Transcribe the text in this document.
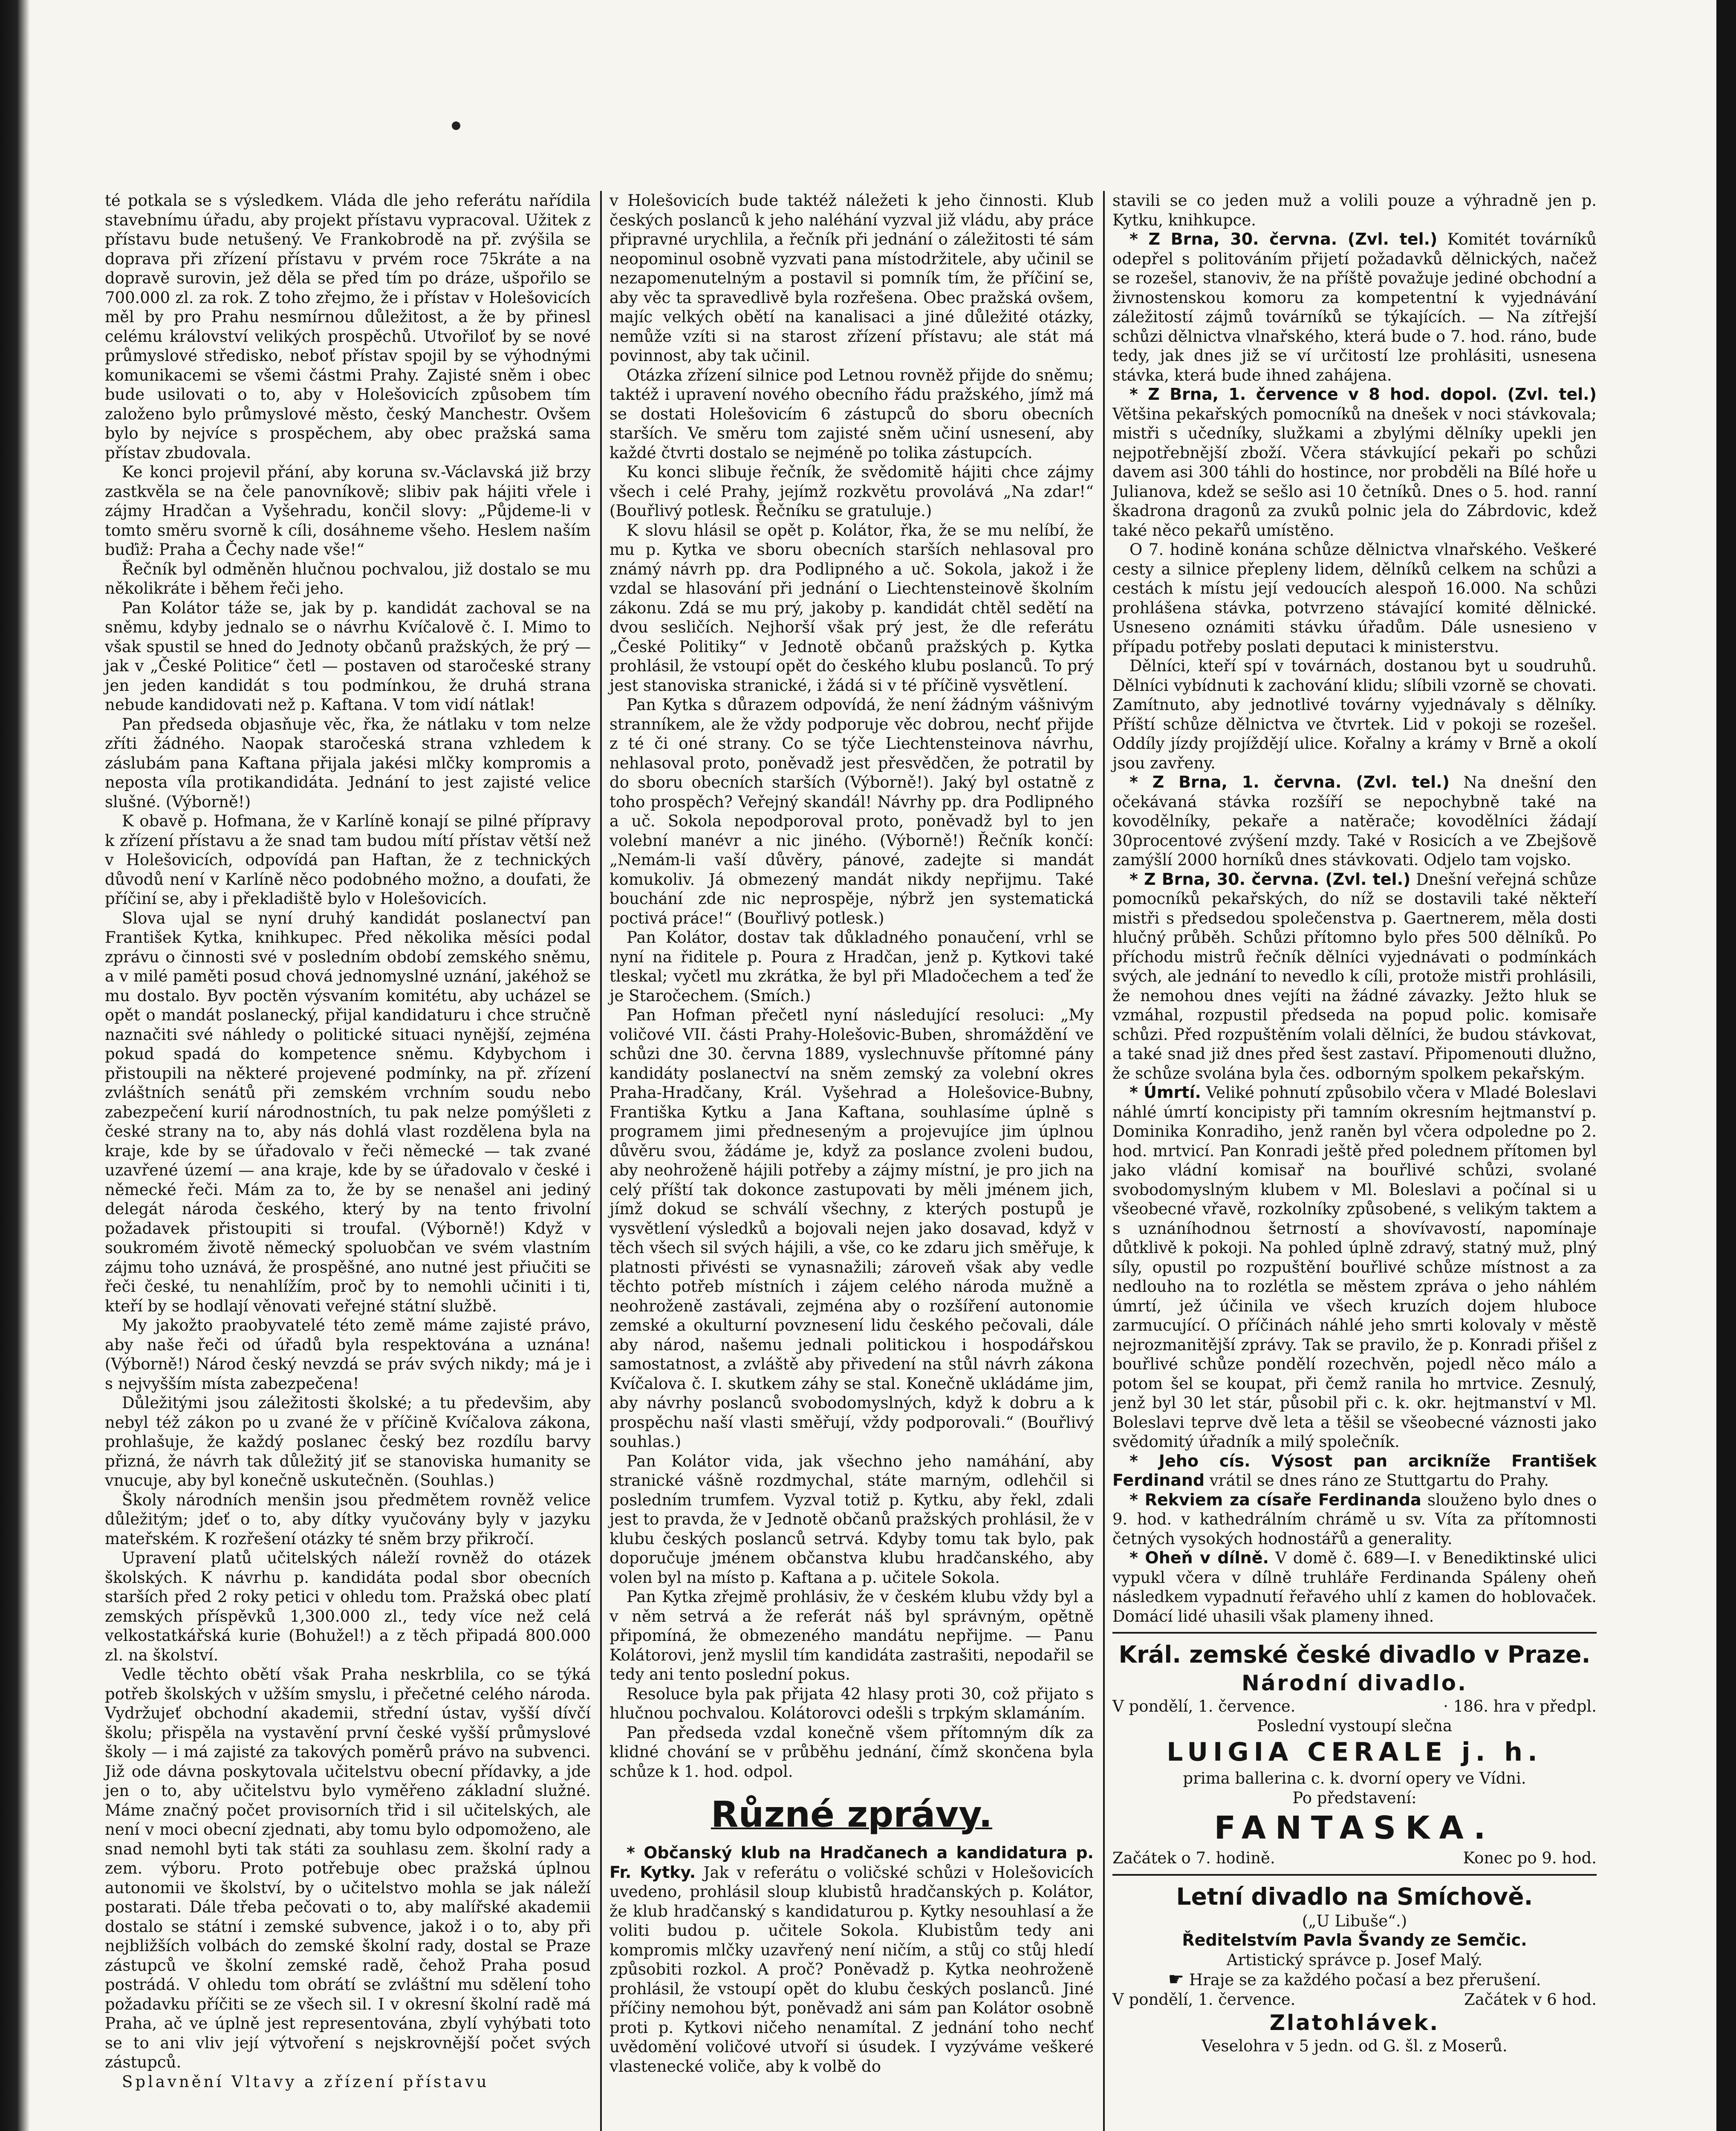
té potkala se s výsledkem. Vláda dle jeho referátu nařídila stavebnímu úřadu, aby projekt přístavu vypracoval. Užitek z přístavu bude netušený. Ve Frankobrodě na př. zvýšila se doprava při zřízení přístavu v prvém roce 75kráte a na dopravě surovin, jež děla se před tím po dráze, ušpořilo se 700.000 zl. za rok. Z toho zřejmo, že i přístav v Holešovicích měl by pro Prahu nesmírnou důležitost, a že by přinesl celému království velikých prospěchů. Utvořiloť by se nové průmyslové středisko, neboť přístav spojil by se výhodnými komunikacemi se všemi částmi Prahy. Zajisté sněm i obec bude usilovati o to, aby v Holešovicích způsobem tím založeno bylo průmyslové město, český Manchestr. Ovšem bylo by nejvíce s prospěchem, aby obec pražská sama přístav zbudovala.

Ke konci projevil přání, aby koruna sv.-Václavská již brzy zastkvěla se na čele panovníkově; slibiv pak hájiti vřele i zájmy Hradčan a Vyšehradu, končil slovy: „Půjdeme-li v tomto směru svorně k cíli, dosáhneme všeho. Heslem naším buďiž: Praha a Čechy nade vše!“

Řečník byl odměněn hlučnou pochvalou, již dostalo se mu několikráte i během řeči jeho.

Pan Kolátor táže se, jak by p. kandidát zachoval se na sněmu, kdyby jednalo se o návrhu Kvíčalově č. I. Mimo to však spustil se hned do Jednoty občanů pražských, že prý — jak v „České Politice“ četl — postaven od staročeské strany jen jeden kandidát s tou podmínkou, že druhá strana nebude kandidovati než p. Kaftana. V tom vidí nátlak!

Pan předseda objasňuje věc, řka, že nátlaku v tom nelze zříti žádného. Naopak staročeská strana vzhledem k záslubám pana Kaftana přijala jakési mlčky kompromis a neposta víla protikandidáta. Jednání to jest zajisté velice slušné. (Výborně!)

K obavě p. Hofmana, že v Karlíně konají se pilné přípravy k zřízení přístavu a že snad tam budou mítí přístav větší než v Holešovicích, odpovídá pan Haftan, že z technických důvodů není v Karlíně něco podobného možno, a doufati, že příčiní se, aby i překladiště bylo v Holešovicích.

Slova ujal se nyní druhý kandidát poslanectví pan František Kytka, knihkupec. Před několika měsíci podal zprávu o činnosti své v posledním období zemského sněmu, a v milé paměti posud chová jednomyslné uznání, jakéhož se mu dostalo. Byv poctěn výsvaním komitétu, aby ucházel se opět o mandát poslanecký, přijal kandidaturu i chce stručně naznačiti své náhledy o politické situaci nynější, zejména pokud spadá do kompetence sněmu. Kdybychom i přistoupili na některé projevené podmínky, na př. zřízení zvláštních senátů při zemském vrchním soudu nebo zabezpečení kurií národnostních, tu pak nelze pomýšleti z české strany na to, aby nás dohlá vlast rozdělena byla na kraje, kde by se úřadovalo v řeči německé — tak zvané uzavřené území — ana kraje, kde by se úřadovalo v české i německé řeči. Mám za to, že by se nenašel ani jediný delegát národa českého, který by na tento frivolní požadavek přistoupiti si troufal. (Výborně!) Když v soukromém životě německý spoluobčan ve svém vlastním zájmu toho uznává, že prospěšné, ano nutné jest přiučiti se řeči české, tu nenahlížím, proč by to nemohli učiniti i ti, kteří by se hodlají věnovati veřejné státní službě.

My jakožto praobyvatelé této země máme zajisté právo, aby naše řeči od úřadů byla respektována a uznána! (Výborně!) Národ český nevzdá se práv svých nikdy; má je i s nejvyšším místa zabezpečena!

Důležitými jsou záležitosti školské; a tu předevšim, aby nebyl též zákon po u zvané že v příčině Kvíčalova zákona, prohlašuje, že každý poslanec český bez rozdílu barvy přizná, že návrh tak důležitý jiť se stanoviska humanity se vnucuje, aby byl konečně uskutečněn. (Souhlas.)

Školy národních menšin jsou předmětem rovněž velice důležitým; jdeť o to, aby dítky vyučovány byly v jazyku mateřském. K rozřešení otázky té sněm brzy přikročí.

Upravení platů učitelských náleží rovněž do otázek školských. K návrhu p. kandidáta podal sbor obecních starších před 2 roky petici v ohledu tom. Pražská obec platí zemských příspěvků 1,300.000 zl., tedy více než celá velkostatkářská kurie (Bohužel!) a z těch připadá 800.000 zl. na školství.

Vedle těchto obětí však Praha neskrblila, co se týká potřeb školských v užším smyslu, i přečetné celého národa. Vydržujeť obchodní akademii, střední ústav, vyšší dívčí školu; přispěla na vystavění první české vyšší průmyslové školy — i má zajisté za takových poměrů právo na subvenci. Již ode dávna poskytovala učitelstvu obecní přídavky, a jde jen o to, aby učitelstvu bylo vyměřeno základní služné. Máme značný počet provisorních třid i sil učitelských, ale není v moci obecní zjednati, aby tomu bylo odpomoženo, ale snad nemohl byti tak státi za souhlasu zem. školní rady a zem. výboru. Proto potřebuje obec pražská úplnou autonomii ve školství, by o učitelstvo mohla se jak náleží postarati. Dále třeba pečovati o to, aby malířské akademii dostalo se státní i zemské subvence, jakož i o to, aby při nejbližších volbách do zemské školní rady, dostal se Praze zástupců ve školní zemské radě, čehož Praha posud postrádá. V ohledu tom obrátí se zvláštní mu sdělení toho požadavku příčiti se ze všech sil. I v okresní školní radě má Praha, ač ve úplně jest representována, zbylí vyhýbati toto se to ani vliv její výtvoření s nejskrovnější počet svých zástupců.

Splavnění Vltavy a zřízení přístavu

v Holešovicích bude taktéž náležeti k jeho činnosti. Klub českých poslanců k jeho naléhání vyzval již vládu, aby práce připravné urychlila, a řečník při jednání o záležitosti té sám neopominul osobně vyzvati pana místodržitele, aby učinil se nezapomenutelným a postavil si pomník tím, že příčiní se, aby věc ta spravedlivě byla rozřešena. Obec pražská ovšem, majíc velkých obětí na kanalisaci a jiné důležité otázky, nemůže vzíti si na starost zřízení přístavu; ale stát má povinnost, aby tak učinil.

Otázka zřízení silnice pod Letnou rovněž přijde do sněmu; taktéž i upravení nového obecního řádu pražského, jímž má se dostati Holešovicím 6 zástupců do sboru obecních starších. Ve směru tom zajisté sněm učiní usnesení, aby každé čtvrti dostalo se nejméně po tolika zástupcích.

Ku konci slibuje řečník, že svědomitě hájiti chce zájmy všech i celé Prahy, jejímž rozkvětu provolává „Na zdar!“ (Bouřlivý potlesk. Řečníku se gratuluje.)

K slovu hlásil se opět p. Kolátor, řka, že se mu nelíbí, že mu p. Kytka ve sboru obecních starších nehlasoval pro známý návrh pp. dra Podlipného a uč. Sokola, jakož i že vzdal se hlasování při jednání o Liechtensteinově školním zákonu. Zdá se mu prý, jakoby p. kandidát chtěl sedětí na dvou sesličích. Nejhorší však prý jest, že dle referátu „České Politiky“ v Jednotě občanů pražských p. Kytka prohlásil, že vstoupí opět do českého klubu poslanců. To prý jest stanoviska stranické, i žádá si v té příčině vysvětlení.

Pan Kytka s důrazem odpovídá, že není žádným vášnivým stranníkem, ale že vždy podporuje věc dobrou, nechť přijde z té či oné strany. Co se týče Liechtensteinova návrhu, nehlasoval proto, poněvadž jest přesvědčen, že potratil by do sboru obecních starších (Výborně!). Jaký byl ostatně z toho prospěch? Veřejný skandál! Návrhy pp. dra Podlipného a uč. Sokola nepodporoval proto, poněvadž byl to jen volební manévr a nic jiného. (Výborně!) Řečník končí: „Nemám-li vaší důvěry, pánové, zadejte si mandát komukoliv. Já obmezený mandát nikdy nepřijmu. Také bouchání zde nic neprospěje, nýbrž jen systematická poctivá práce!“ (Bouřlivý potlesk.)

Pan Kolátor, dostav tak důkladného ponaučení, vrhl se nyní na řiditele p. Poura z Hradčan, jenž p. Kytkovi také tleskal; vyčetl mu zkrátka, že byl při Mladočechem a teď že je Staročechem. (Smích.)

Pan Hofman přečetl nyní následující resoluci: „My voličové VII. části Prahy-Holešovic-Buben, shromáždění ve schůzi dne 30. června 1889, vyslechnuvše přítomné pány kandidáty poslanectví na sněm zemský za volební okres Praha-Hradčany, Král. Vyšehrad a Holešovice-Bubny, Františka Kytku a Jana Kaftana, souhlasíme úplně s programem jimi předneseným a projevujíce jim úplnou důvěru svou, žádáme je, když za poslance zvoleni budou, aby neohroženě hájili potřeby a zájmy místní, je pro jich na celý příští tak dokonce zastupovati by měli jménem jich, jímž dokud se schválí všechny, z kterých postupů je vysvětlení výsledků a bojovali nejen jako dosavad, když v těch všech sil svých hájili, a vše, co ke zdaru jich směřuje, k platnosti přivésti se vynasnažili; zároveň však aby vedle těchto potřeb místních i zájem celého národa mužně a neohroženě zastávali, zejména aby o rozšíření autonomie zemské a okulturní povznesení lidu českého pečovali, dále aby národ, našemu jednali politickou i hospodářskou samostatnost, a zvláště aby přivedení na stůl návrh zákona Kvíčalova č. I. skutkem záhy se stal. Konečně ukládáme jim, aby návrhy poslanců svobodomyslných, když k dobru a k prospěchu naší vlasti směřují, vždy podporovali.“ (Bouřlivý souhlas.)

Pan Kolátor vida, jak všechno jeho namáhání, aby stranické vášně rozdmychal, státe marným, odlehčil si posledním trumfem. Vyzval totiž p. Kytku, aby řekl, zdali jest to pravda, že v Jednotě občanů pražských prohlásil, že v klubu českých poslanců setrvá. Kdyby tomu tak bylo, pak doporučuje jménem občanstva klubu hradčanského, aby volen byl na místo p. Kaftana a p. učitele Sokola.

Pan Kytka zřejmě prohlásiv, že v českém klubu vždy byl a v něm setrvá a že referát náš byl správným, opětně připomíná, že obmezeného mandátu nepřijme. — Panu Kolátorovi, jenž myslil tím kandidáta zastrašiti, nepodařil se tedy ani tento poslední pokus.

Resoluce byla pak přijata 42 hlasy proti 30, což přijato s hlučnou pochvalou. Kolátorovci odešli s trpkým sklamáním.

Pan předseda vzdal konečně všem přítomným dík za klidné chování se v průběhu jednání, čímž skončena byla schůze k 1. hod. odpol.

Různé zprávy.

* Občanský klub na Hradčanech a kandidatura p. Fr. Kytky. Jak v referátu o voličské schůzi v Holešovicích uvedeno, prohlásil sloup klubistů hradčanských p. Kolátor, že klub hradčanský s kandidaturou p. Kytky nesouhlasí a že voliti budou p. učitele Sokola. Klubistům tedy ani kompromis mlčky uzavřený není ničím, a stůj co stůj hledí způsobiti rozkol. A proč? Poněvadž p. Kytka neohroženě prohlásil, že vstoupí opět do klubu českých poslanců. Jiné příčiny nemohou být, poněvadž ani sám pan Kolátor osobně proti p. Kytkovi ničeho nenamítal. Z jednání toho nechť uvědomění voličové utvoří si úsudek. I vyzýváme veškeré vlastenecké voliče, aby k volbě do

stavili se co jeden muž a volili pouze a výhradně jen p. Kytku, knihkupce.

* Z Brna, 30. června. (Zvl. tel.) Komitét továrníků odepřel s politováním přijetí požadavků dělnických, načež se rozešel, stanoviv, že na příště považuje jediné obchodní a živnostenskou komoru za kompetentní k vyjednávání záležitostí zájmů továrníků se týkajících. — Na zítřejší schůzi dělnictva vlnařského, která bude o 7. hod. ráno, bude tedy, jak dnes již se ví určitostí lze prohlásiti, usnesena stávka, která bude ihned zahájena.

* Z Brna, 1. července v 8 hod. dopol. (Zvl. tel.) Většina pekařských pomocníků na dnešek v noci stávkovala; mistři s učedníky, služkami a zbylými dělníky upekli jen nejpotřebnější zboží. Včera stávkující pekaři po schůzi davem asi 300 táhli do hostince, nor probděli na Bílé hoře u Julianova, kdež se sešlo asi 10 četníků. Dnes o 5. hod. ranní škadrona dragonů za zvuků polnic jela do Zábrdovic, kdež také něco pekařů umístěno.

O 7. hodině konána schůze dělnictva vlnařského. Veškeré cesty a silnice přepleny lidem, dělníků celkem na schůzi a cestách k místu její vedoucích alespoň 16.000. Na schůzi prohlášena stávka, potvrzeno stávající komité dělnické. Usneseno oznámiti stávku úřadům. Dále usnesieno v případu potřeby poslati deputaci k ministerstvu.

Dělníci, kteří spí v továrnách, dostanou byt u soudruhů. Dělníci vybídnuti k zachování klidu; slíbili vzorně se chovati. Zamítnuto, aby jednotlivé továrny vyjednávaly s dělníky. Příští schůze dělnictva ve čtvrtek. Lid v pokoji se rozešel. Oddíly jízdy projíždějí ulice. Kořalny a krámy v Brně a okolí jsou zavřeny.

* Z Brna, 1. června. (Zvl. tel.) Na dnešní den očekávaná stávka rozšíří se nepochybně také na kovodělníky, pekaře a natěrače; kovodělníci žádají 30procentové zvýšení mzdy. Také v Rosicích a ve Zbejšově zamýšlí 2000 horníků dnes stávkovati. Odjelo tam vojsko.

* Z Brna, 30. června. (Zvl. tel.) Dnešní veřejná schůze pomocníků pekařských, do níž se dostavili také někteří mistři s předsedou společenstva p. Gaertnerem, měla dosti hlučný průběh. Schůzi přítomno bylo přes 500 dělníků. Po příchodu mistrů řečník dělníci vyjednávati o podmínkách svých, ale jednání to nevedlo k cíli, protože mistři prohlásili, že nemohou dnes vejíti na žádné závazky. Ježto hluk se vzmáhal, rozpustil předseda na popud polic. komisaře schůzi. Před rozpuštěním volali dělníci, že budou stávkovat, a také snad již dnes před šest zastaví. Připomenouti dlužno, že schůze svolána byla čes. odborným spolkem pekařským.

* Úmrtí. Veliké pohnutí způsobilo včera v Mladé Boleslavi náhlé úmrtí koncipisty při tamním okresním hejtmanství p. Dominika Konradiho, jenž raněn byl včera odpoledne po 2. hod. mrtvicí. Pan Konradi ještě před polednem přítomen byl jako vládní komisař na bouřlivé schůzi, svolané svobodomyslným klubem v Ml. Boleslavi a počínal si u všeobecné vřavě, rozkolníky způsobené, s velikým taktem a s uznáníhodnou šetrností a shovívavostí, napomínaje důtklivě k pokoji. Na pohled úplně zdravý, statný muž, plný síly, opustil po rozpuštění bouřlivé schůze místnost a za nedlouho na to rozlétla se městem zpráva o jeho náhlém úmrtí, jež účinila ve všech kruzích dojem hluboce zarmucující. O příčinách náhlé jeho smrti kolovaly v městě nejrozmanitější zprávy. Tak se pravilo, že p. Konradi přišel z bouřlivé schůze pondělí rozechvěn, pojedl něco málo a potom šel se koupat, při čemž ranila ho mrtvice. Zesnulý, jenž byl 30 let stár, působil při c. k. okr. hejtmanství v Ml. Boleslavi teprve dvě leta a těšil se všeobecné váznosti jako svědomitý úřadník a milý společník.

* Jeho cís. Výsost pan arcikníže František Ferdinand vrátil se dnes ráno ze Stuttgartu do Prahy.

* Rekviem za císaře Ferdinanda slouženo bylo dnes o 9. hod. v kathedrálním chrámě u sv. Víta za přítomnosti četných vysokých hodnostářů a generality.

* Oheň v dílně. V domě č. 689—I. v Benediktinské ulici vypukl včera v dílně truhláře Ferdinanda Spáleny oheň následkem vypadnutí řeřavého uhlí z kamen do hoblovaček. Domácí lidé uhasili však plameny ihned.

Král. zemské české divadlo v Praze.
Národní divadlo.
V pondělí, 1. července.	· 186. hra v předpl.
Poslední vystoupí slečna
LUIGIA CERALE j. h.
prima ballerina c. k. dvorní opery ve Vídni.
Po představení:
FANTASKA.
Začátek o 7. hodině.	Konec po 9. hod.
Letní divadlo na Smíchově.
(„U Libuše“.)
Ředitelstvím Pavla Švandy ze Semčic.
Artistický správce p. Josef Malý.
☛ Hraje se za každého počasí a bez přerušení.
V pondělí, 1. července.	Začátek v 6 hod.
Zlatohlávek.
Veselohra v 5 jedn. od G. šl. z Moserů.
